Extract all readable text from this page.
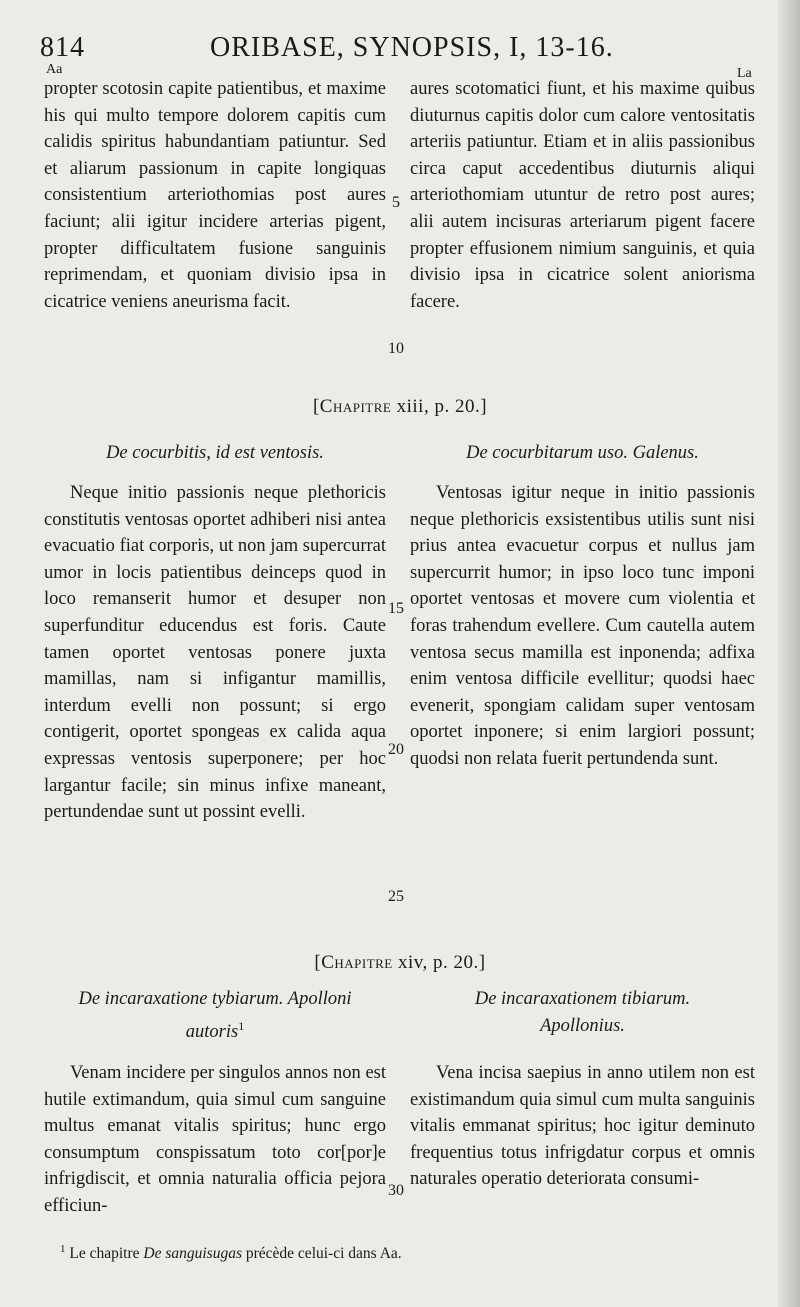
814	ORIBASE, SYNOPSIS, I, 13-16.
Aa	La

propter scotosin capite patientibus, et maxime his qui multo tempore dolorem capitis cum calidis spiritus habundantiam patiuntur. Sed et aliarum passionum in capite longiquas consistentium arteriothomias post aures faciunt; alii igitur incidere arterias pigent, propter difficultatem fusione sanguinis reprimendam, et quoniam divisio ipsa in cicatrice veniens aneurisma facit.

aures scotomatici fiunt, et his maxime quibus diuturnus capitis dolor cum calore ventositatis arteriis patiuntur. Etiam et in aliis passionibus circa caput accedentibus diuturnis aliqui arteriothomiam utuntur de retro post aures; alii autem incisuras arteriarum pigent facere propter effusionem nimium sanguinis, et quia divisio ipsa in cicatrice solent aniorisma facere.

[Chapitre xiii, p. 20.]
De cocurbitis, id est ventosis.	De cocurbitarum uso. Galenus.

Neque initio passionis neque plethoricis constitutis ventosas oportet adhiberi nisi antea evacuatio fiat corporis, ut non jam supercurrat umor in locis patientibus deinceps quod in loco remanserit humor et desuper non superfunditur educendus est foris. Caute tamen oportet ventosas ponere juxta mamillas, nam si infigantur mamillis, interdum evelli non possunt; si ergo contigerit, oportet spongeas ex calida aqua expressas ventosis superponere; per hoc largantur facile; sin minus infixe maneant, pertundendae sunt ut possint evelli.

Ventosas igitur neque in initio passionis neque plethoricis exsistentibus utilis sunt nisi prius antea evacuetur corpus et nullus jam supercurrit humor; in ipso loco tunc imponi oportet ventosas et movere cum violentia et foras trahendum evellere. Cum cautella autem ventosa secus mamilla est inponenda; adfixa enim ventosa difficile evellitur; quodsi haec evenerit, spongiam calidam super ventosam oportet inponere; si enim largiori possunt; quodsi non relata fuerit pertundenda sunt.

[Chapitre xiv, p. 20.]
De incaraxatione tybiarum. Apolloni
autoris$^1$
De incaraxationem tibiarum.
Apollonius.

Venam incidere per singulos annos non est hutile extimandum, quia simul cum sanguine multus emanat vitalis spiritus; hunc ergo consumptum conspissatum toto cor[por]e infrigdiscit, et omnia naturalia officia pejora efficiun-

Vena incisa saepius in anno utilem non est existimandum quia simul cum multa sanguinis vitalis emmanat spiritus; hoc igitur deminuto frequentius totus infrigdatur corpus et omnis naturales operatio deteriorata consumi-

5
10
15
20
25
30
$^1$ Le chapitre De sanguisugas précède celui-ci dans Aa.
